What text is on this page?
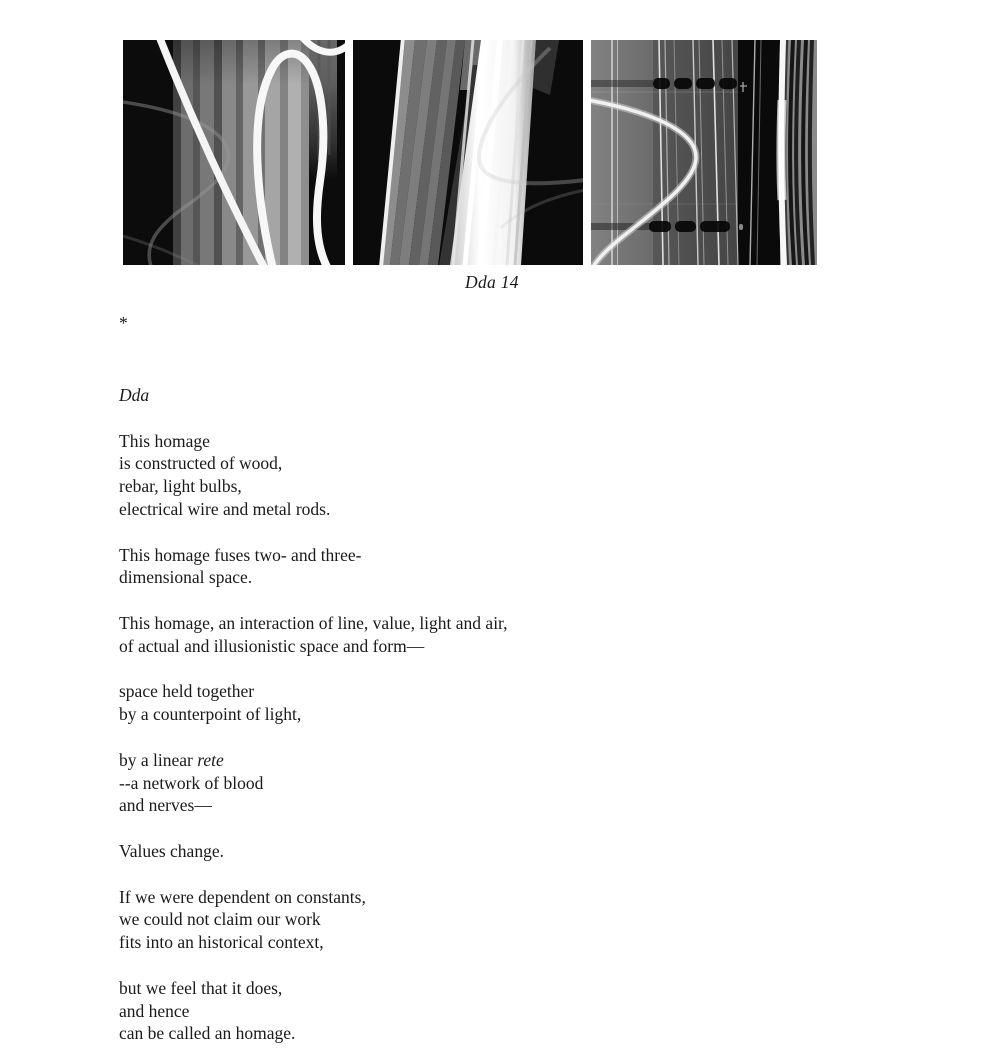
Dda 14

*

Dda

This homage
is constructed of wood,
rebar, light bulbs,
electrical wire and metal rods.

This homage fuses two- and three-
dimensional space.

This homage, an interaction of line, value, light and air,
of actual and illusionistic space and form—

space held together
by a counterpoint of light,

by a linear rete
--a network of blood
and nerves—

Values change.

If we were dependent on constants,
we could not claim our work
fits into an historical context,

but we feel that it does,
and hence
can be called an homage.
